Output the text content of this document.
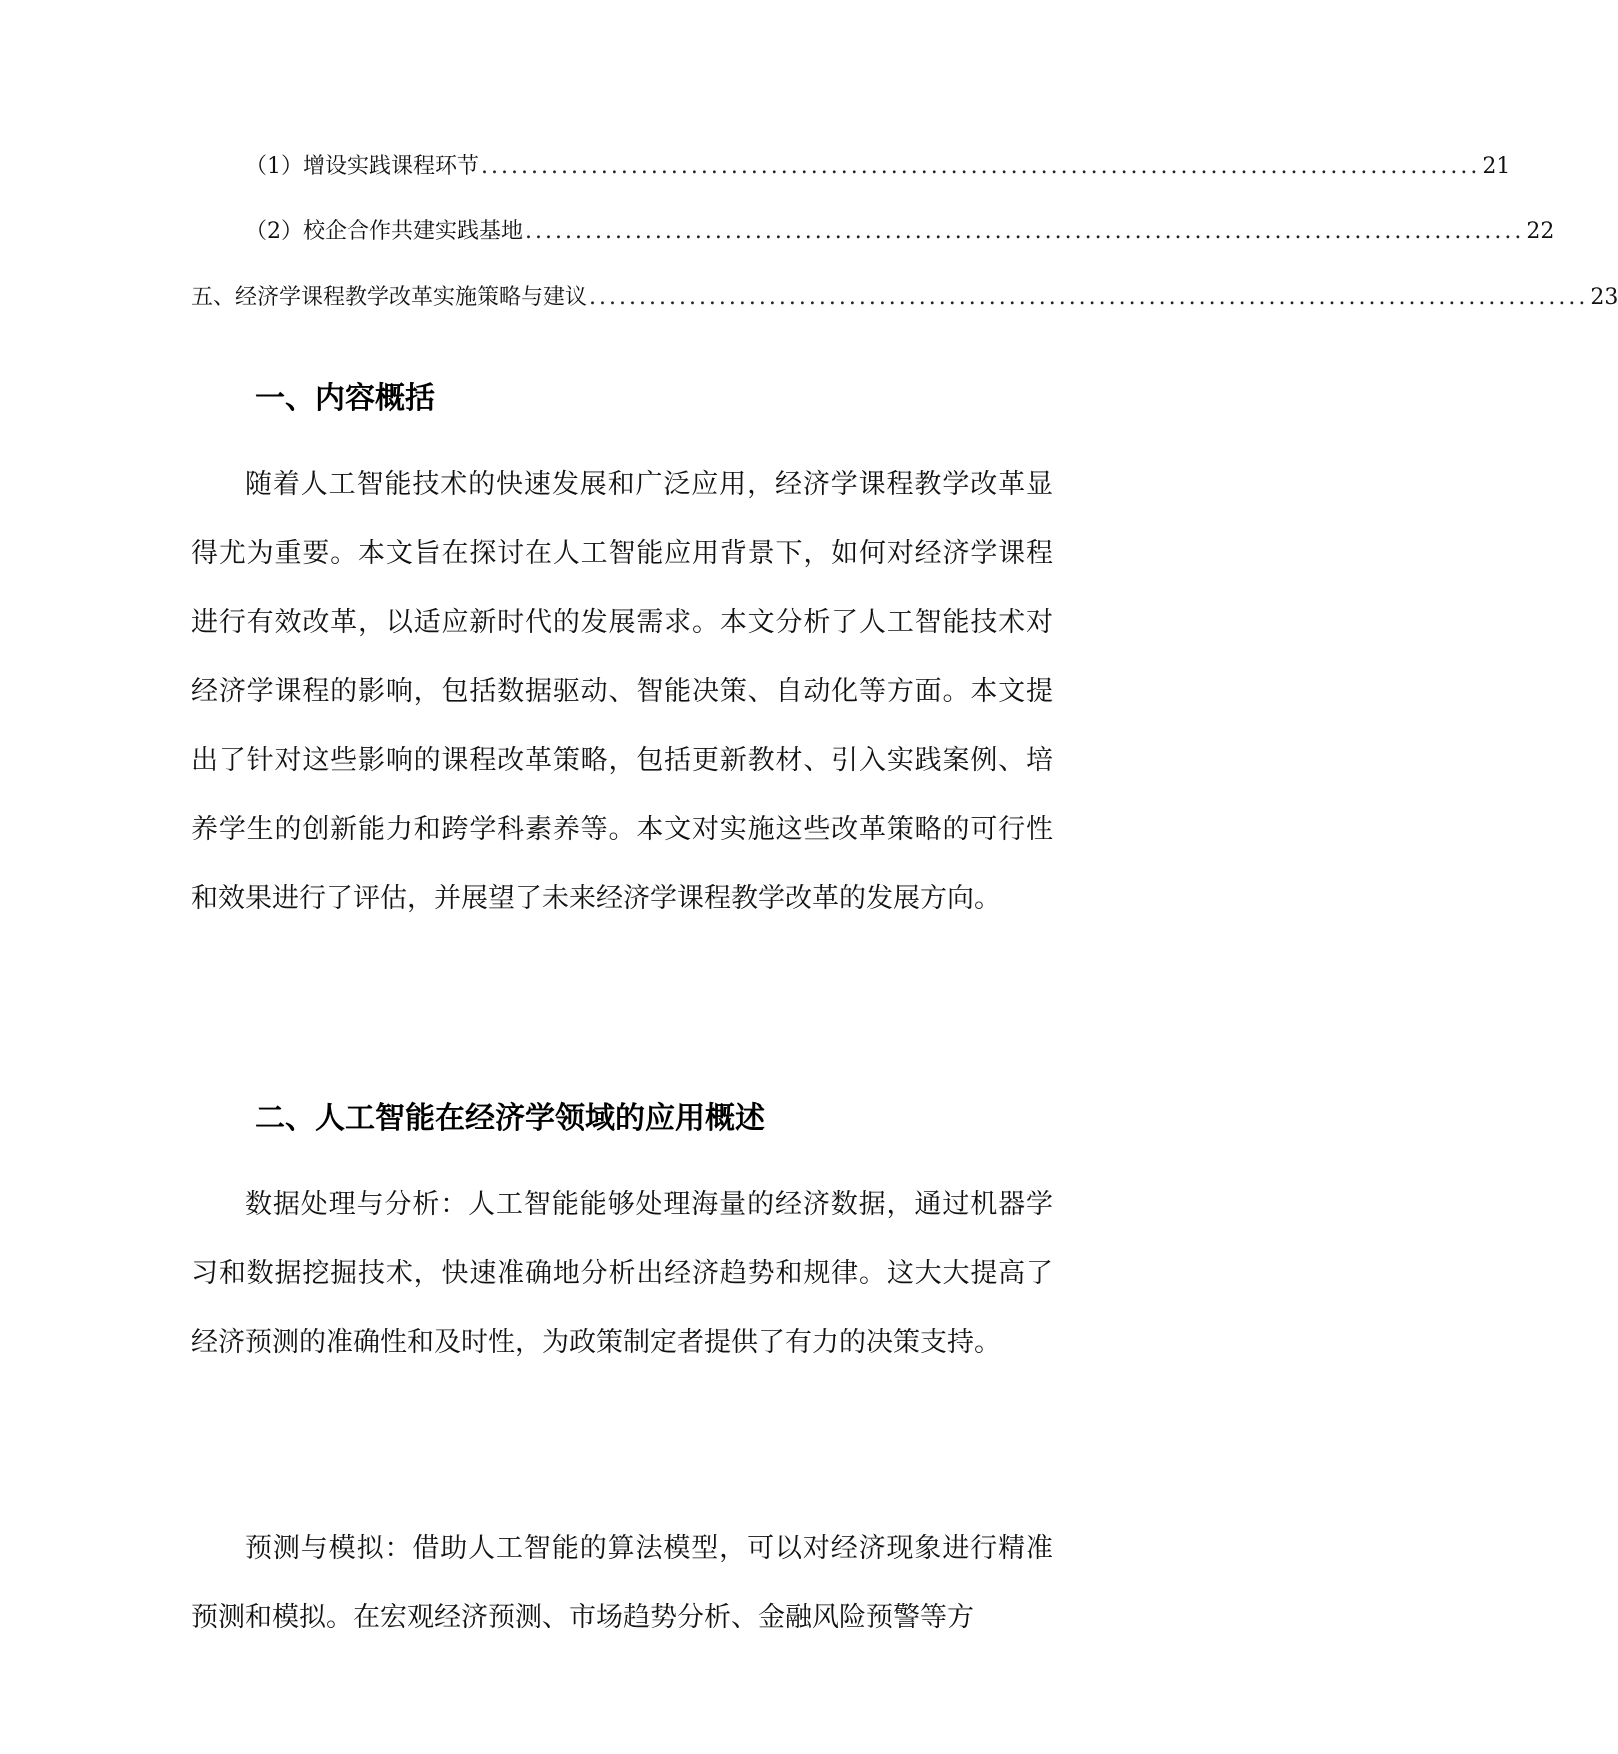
（1）增设实践课程环节 .................................................................................................... 21
（2）校企合作共建实践基地 .................................................................................................... 22
五、经济学课程教学改革实施策略与建议 .................................................................................................... 23
一、内容概括

随着人工智能技术的快速发展和广泛应用，经济学课程教学改革显得尤为重要。本文旨在探讨在人工智能应用背景下，如何对经济学课程进行有效改革，以适应新时代的发展需求。本文分析了人工智能技术对经济学课程的影响，包括数据驱动、智能决策、自动化等方面。本文提出了针对这些影响的课程改革策略，包括更新教材、引入实践案例、培养学生的创新能力和跨学科素养等。本文对实施这些改革策略的可行性和效果进行了评估，并展望了未来经济学课程教学改革的发展方向。

二、人工智能在经济学领域的应用概述

数据处理与分析：人工智能能够处理海量的经济数据，通过机器学习和数据挖掘技术，快速准确地分析出经济趋势和规律。这大大提高了经济预测的准确性和及时性，为政策制定者提供了有力的决策支持。

预测与模拟：借助人工智能的算法模型，可以对经济现象进行精准预测和模拟。在宏观经济预测、市场趋势分析、金融风险预警等方
